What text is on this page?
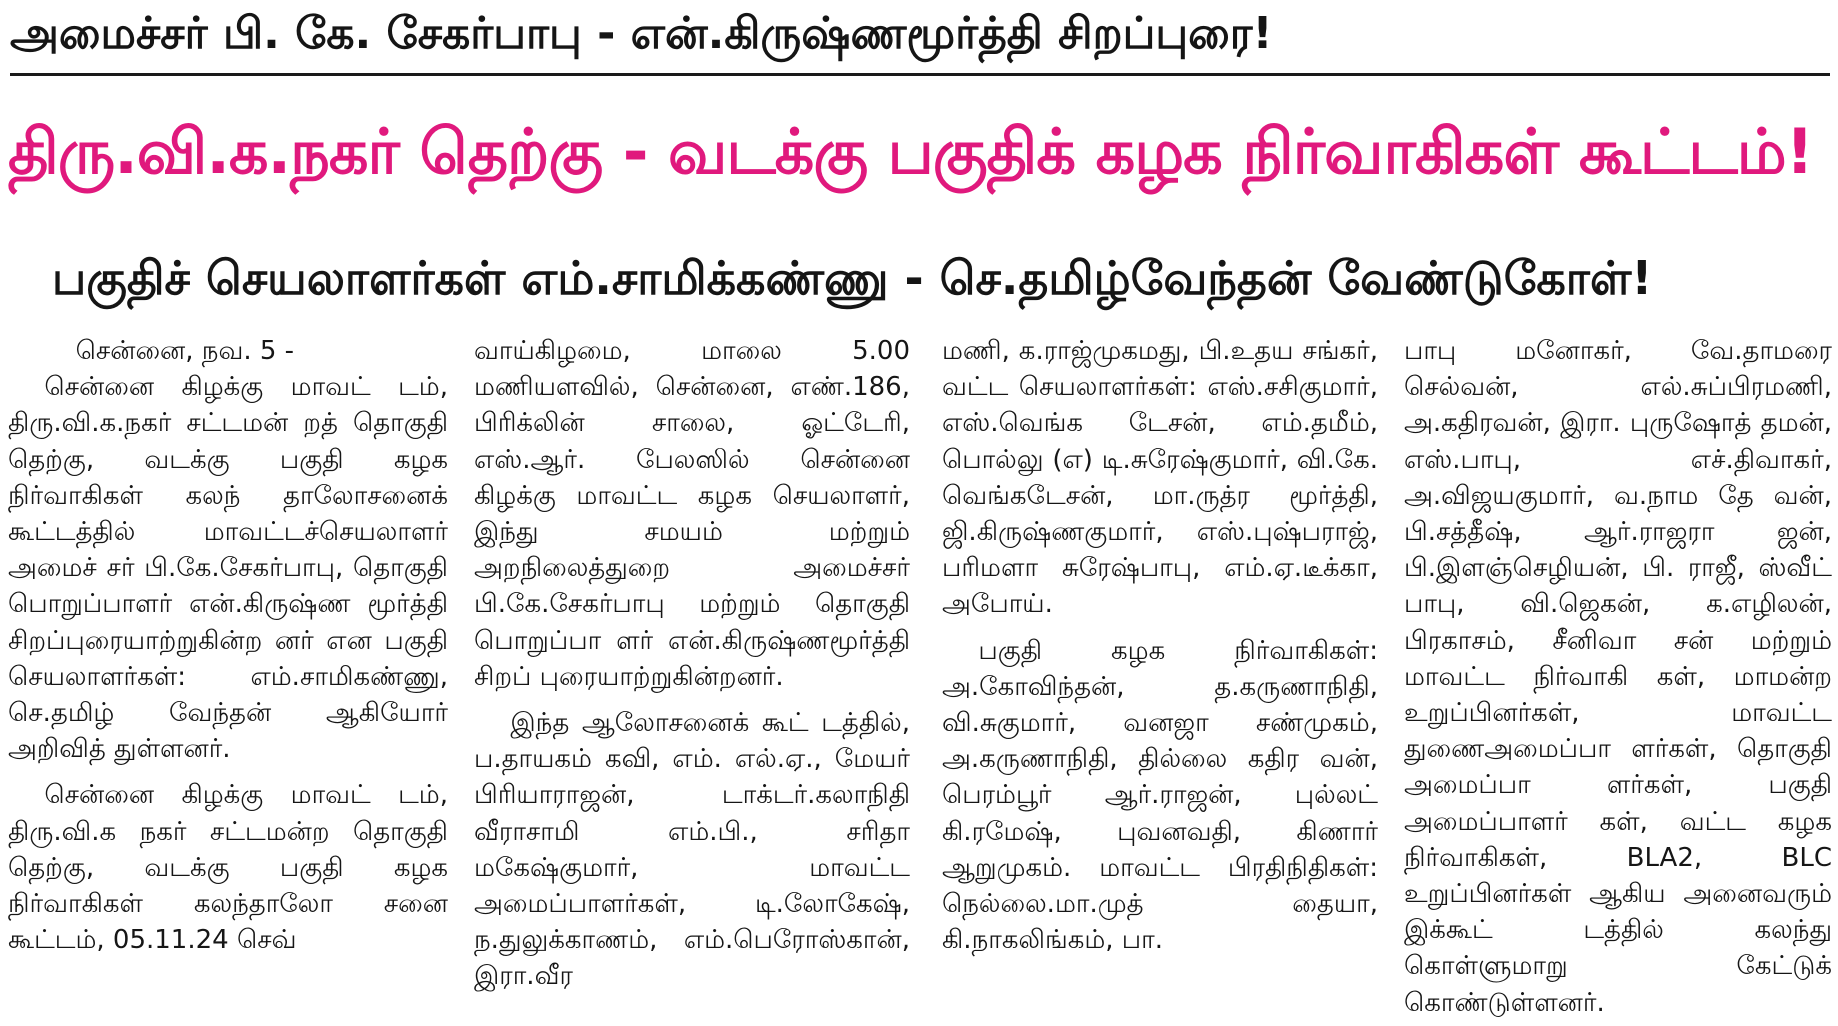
அமைச்சர் பி. கே. சேகர்பாபு - என்.கிருஷ்ணமூர்த்தி சிறப்புரை!
திரு.வி.க.நகர் தெற்கு - வடக்கு பகுதிக் கழக நிர்வாகிகள் கூட்டம்!
பகுதிச் செயலாளர்கள் எம்.சாமிக்கண்ணு - செ.தமிழ்வேந்தன் வேண்டுகோள்!

சென்னை, நவ. 5 -

சென்னை கிழக்கு மாவட் டம், திரு.வி.க.நகர் சட்டமன் றத் தொகுதி தெற்கு, வடக்கு பகுதி கழக நிர்வாகிகள் கலந் தாலோசனைக் கூட்டத்தில் மாவட்டச்செயலாளர் அமைச் சர் பி.கே.சேகர்பாபு, தொகுதி பொறுப்பாளர் என்.கிருஷ்ண மூர்த்தி சிறப்புரையாற்றுகின்ற னர் என பகுதி செயலாளர்கள்: எம்.சாமிகண்ணு, செ.தமிழ் வேந்தன் ஆகியோர் அறிவித் துள்ளனர்.

சென்னை கிழக்கு மாவட் டம், திரு.வி.க நகர் சட்டமன்ற தொகுதி தெற்கு, வடக்கு பகுதி கழக நிர்வாகிகள் கலந்தாலோ சனை கூட்டம், 05.11.24 செவ்

வாய்கிழமை, மாலை 5.00 மணியளவில், சென்னை, எண்.186, பிரிக்லின் சாலை, ஓட்டேரி, எஸ்.ஆர். பேலஸில் சென்னை கிழக்கு மாவட்ட கழக செயலாளர், இந்து சமயம் மற்றும் அறநிலைத்துறை அமைச்சர் பி.கே.சேகர்பாபு மற்றும் தொகுதி பொறுப்பா ளர் என்.கிருஷ்ணமூர்த்தி சிறப் புரையாற்றுகின்றனர்.

இந்த ஆலோசனைக் கூட் டத்தில், ப.தாயகம் கவி, எம். எல்.ஏ., மேயர் பிரியாராஜன், டாக்டர்.கலாநிதி வீராசாமி எம்.பி., சரிதா மகேஷ்குமார், மாவட்ட அமைப்பாளர்கள், டி.லோகேஷ், ந.துலுக்காணம், எம்.பெரோஸ்கான், இரா.வீர

மணி, க.ராஜ்முகமது, பி.உதய சங்கர், வட்ட செயலாளர்கள்: எஸ்.சசிகுமார், எஸ்.வெங்க டேசன், எம்.தமீம், பொல்லு (எ) டி.சுரேஷ்குமார், வி.கே. வெங்கடேசன், மா.ருத்ர மூர்த்தி, ஜி.கிருஷ்ணகுமார், எஸ்.புஷ்பராஜ், பரிமளா சுரேஷ்பாபு, எம்.ஏ.டீக்கா, அபோய்.

பகுதி கழக நிர்வாகிகள்: அ.கோவிந்தன், த.கருணாநிதி, வி.சுகுமார், வனஜா சண்முகம், அ.கருணாநிதி, தில்லை கதிர வன், பெரம்பூர் ஆர்.ராஜன், புல்லட் கி.ரமேஷ், புவனவதி, கிணார் ஆறுமுகம். மாவட்ட பிரதிநிதிகள்: நெல்லை.மா.முத் தையா, கி.நாகலிங்கம், பா.

பாபு மனோகர், வே.தாமரை செல்வன், எல்.சுப்பிரமணி, அ.கதிரவன், இரா. புருஷோத் தமன், எஸ்.பாபு, எச்.திவாகர், அ.விஜயகுமார், வ.நாம தே வன், பி.சத்தீஷ், ஆர்.ராஜரா ஜன், பி.இளஞ்செழியன், பி. ராஜீ, ஸ்வீட் பாபு, வி.ஜெகன், க.எழிலன், பிரகாசம், சீனிவா சன் மற்றும் மாவட்ட நிர்வாகி கள், மாமன்ற உறுப்பினர்கள், மாவட்ட துணைஅமைப்பா ளர்கள், தொகுதி அமைப்பா ளர்கள், பகுதி அமைப்பாளர் கள், வட்ட கழக நிர்வாகிகள், BLA2, BLC உறுப்பினர்கள் ஆகிய அனைவரும் இக்கூட் டத்தில் கலந்து கொள்ளுமாறு கேட்டுக் கொண்டுள்ளனர்.
